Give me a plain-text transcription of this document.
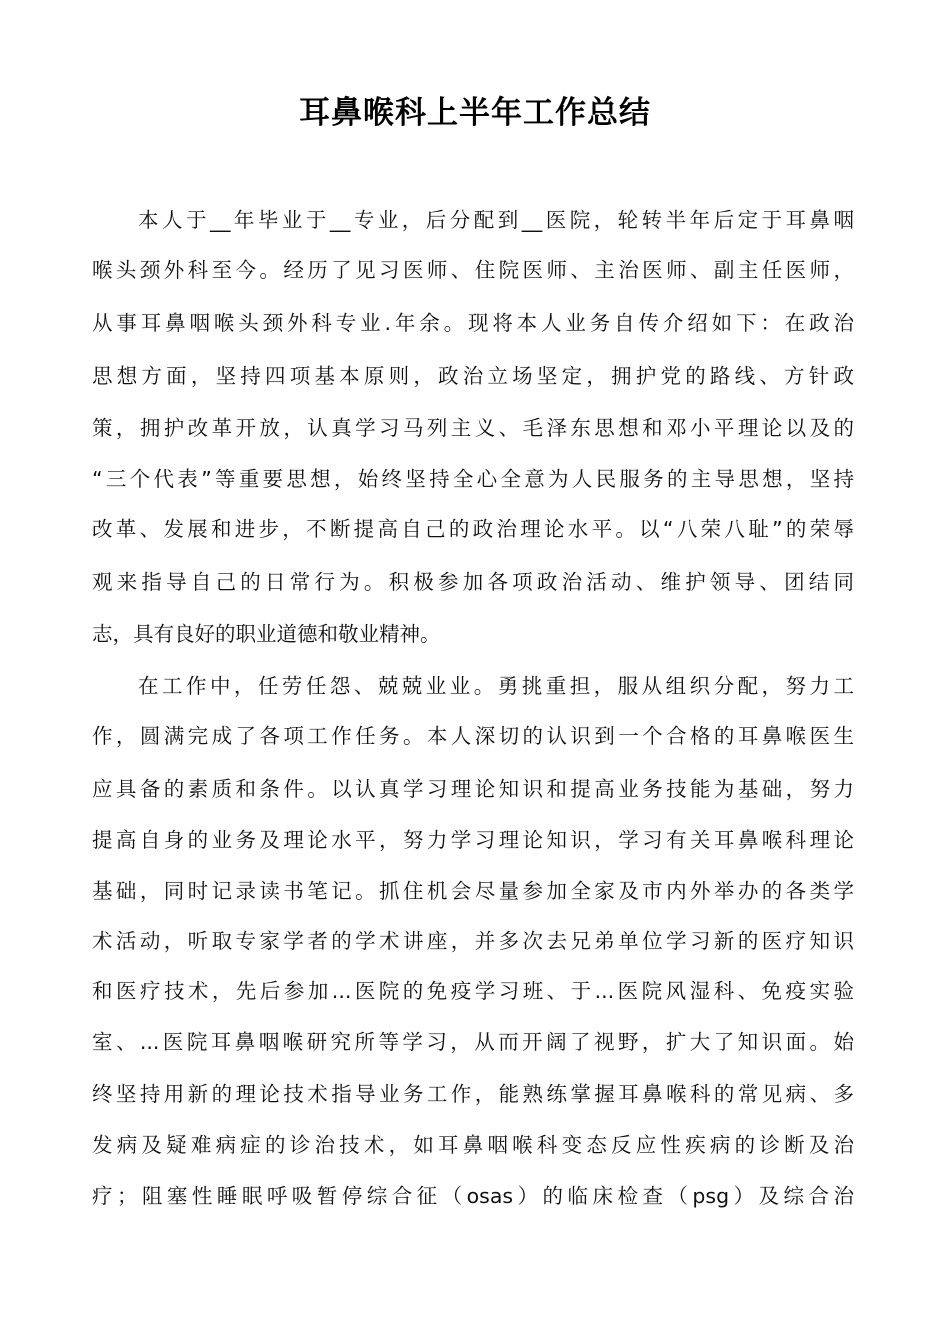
耳鼻喉科上半年工作总结

本人于__年毕业于__专业，后分配到__医院，轮转半年后定于耳鼻咽

喉头颈外科至今。经历了见习医师、住院医师、主治医师、副主任医师，

从事耳鼻咽喉头颈外科专业.年余。现将本人业务自传介绍如下：在政治

思想方面，坚持四项基本原则，政治立场坚定，拥护党的路线、方针政

策，拥护改革开放，认真学习马列主义、毛泽东思想和邓小平理论以及的

“三个代表”等重要思想，始终坚持全心全意为人民服务的主导思想，坚持

改革、发展和进步，不断提高自己的政治理论水平。以“八荣八耻”的荣辱

观来指导自己的日常行为。积极参加各项政治活动、维护领导、团结同

志，具有良好的职业道德和敬业精神。

在工作中，任劳任怨、兢兢业业。勇挑重担，服从组织分配，努力工

作，圆满完成了各项工作任务。本人深切的认识到一个合格的耳鼻喉医生

应具备的素质和条件。以认真学习理论知识和提高业务技能为基础，努力

提高自身的业务及理论水平，努力学习理论知识，学习有关耳鼻喉科理论

基础，同时记录读书笔记。抓住机会尽量参加全家及市内外举办的各类学

术活动，听取专家学者的学术讲座，并多次去兄弟单位学习新的医疗知识

和医疗技术，先后参加...医院的免疫学习班、于...医院风湿科、免疫实验

室、...医院耳鼻咽喉研究所等学习，从而开阔了视野，扩大了知识面。始

终坚持用新的理论技术指导业务工作，能熟练掌握耳鼻喉科的常见病、多

发病及疑难病症的诊治技术，如耳鼻咽喉科变态反应性疾病的诊断及治

疗；阻塞性睡眠呼吸暂停综合征（osas）的临床检查（psg）及综合治
